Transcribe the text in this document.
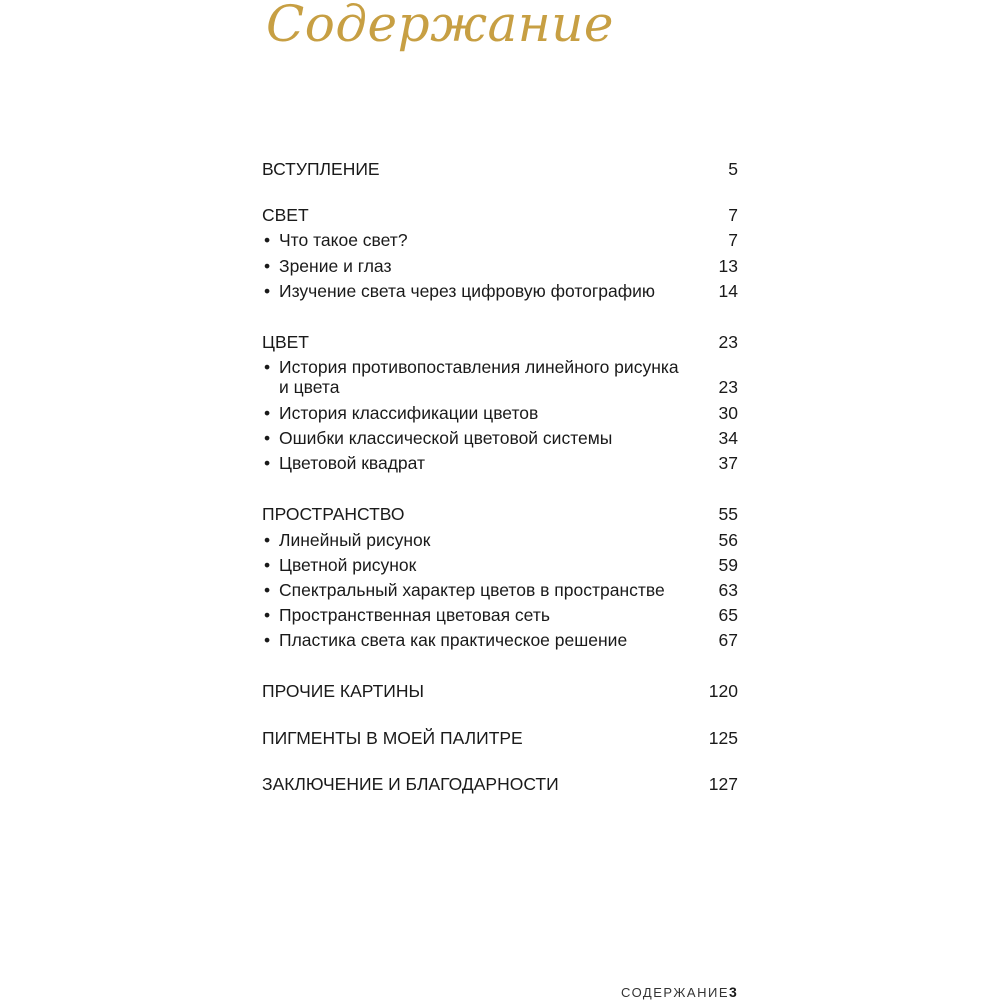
Содержание
ВСТУПЛЕНИЕ	5
СВЕТ	7
• Что такое свет?	7
• Зрение и глаз	13
• Изучение света через цифровую фотографию	14
ЦВЕТ	23
• История противопоставления линейного рисунка и цвета	23
• История классификации цветов	30
• Ошибки классической цветовой системы	34
• Цветовой квадрат	37
ПРОСТРАНСТВО	55
• Линейный рисунок	56
• Цветной рисунок	59
• Спектральный характер цветов в пространстве	63
• Пространственная цветовая сеть	65
• Пластика света как практическое решение	67
ПРОЧИЕ КАРТИНЫ	120
ПИГМЕНТЫ В МОЕЙ ПАЛИТРЕ	125
ЗАКЛЮЧЕНИЕ И БЛАГОДАРНОСТИ	127
СОДЕРЖАНИЕ 3
